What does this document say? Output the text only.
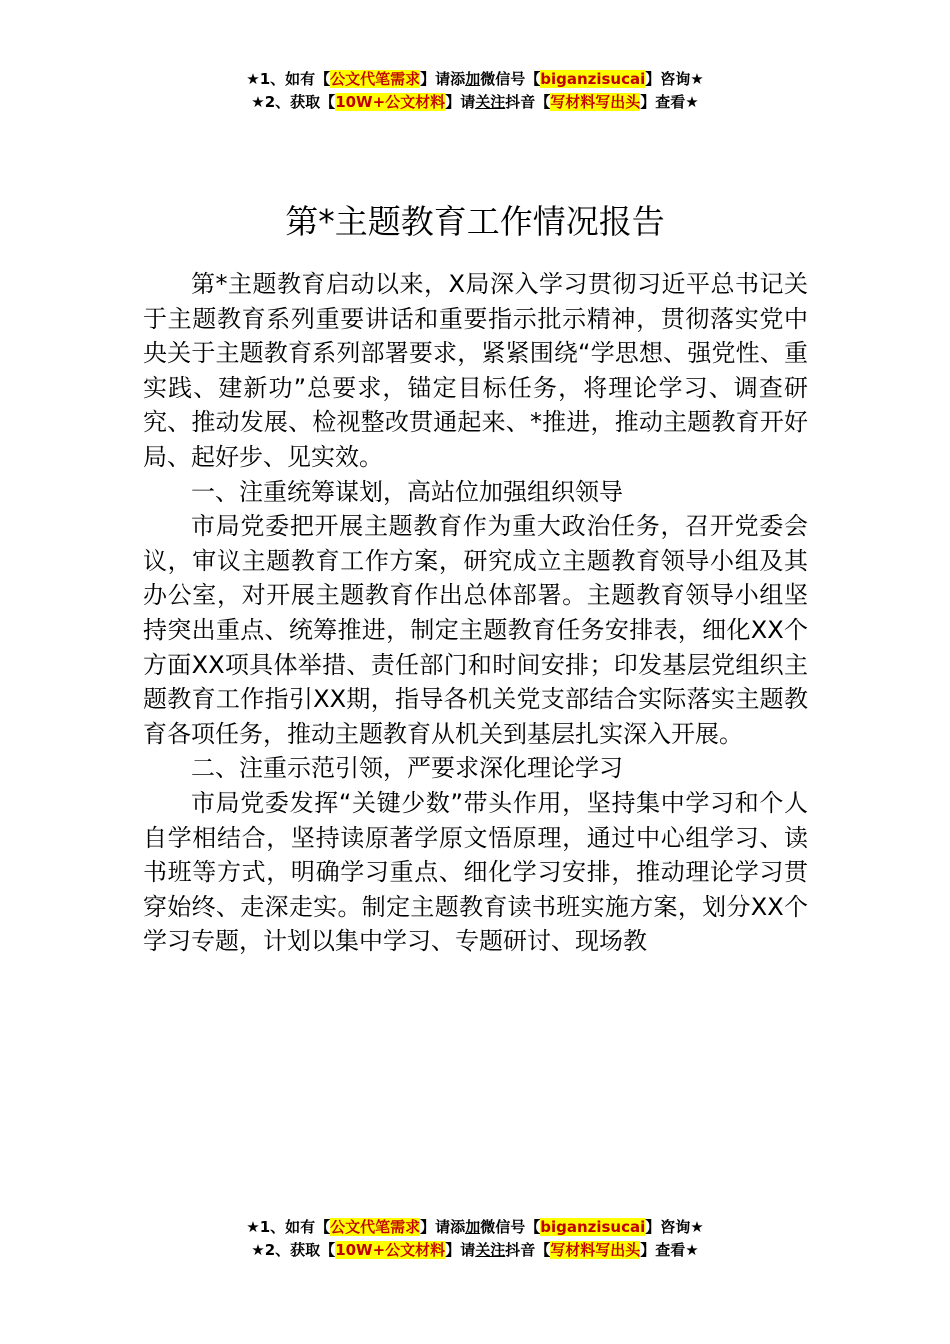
★1、如有【公文代笔需求】请添加微信号【biganzisucai】咨询★
★2、获取【10W+公文材料】请关注抖音【写材料写出头】查看★
第*主题教育工作情况报告

第*主题教育启动以来，X局深入学习贯彻习近平总书记关于主题教育系列重要讲话和重要指示批示精神，贯彻落实党中央关于主题教育系列部署要求，紧紧围绕“学思想、强党性、重实践、建新功”总要求，锚定目标任务，将理论学习、调查研究、推动发展、检视整改贯通起来、*推进，推动主题教育开好局、起好步、见实效。

一、注重统筹谋划，高站位加强组织领导

市局党委把开展主题教育作为重大政治任务，召开党委会议，审议主题教育工作方案，研究成立主题教育领导小组及其办公室，对开展主题教育作出总体部署。主题教育领导小组坚持突出重点、统筹推进，制定主题教育任务安排表，细化XX个方面XX项具体举措、责任部门和时间安排；印发基层党组织主题教育工作指引XX期，指导各机关党支部结合实际落实主题教育各项任务，推动主题教育从机关到基层扎实深入开展。

二、注重示范引领，严要求深化理论学习

市局党委发挥“关键少数”带头作用，坚持集中学习和个人自学相结合，坚持读原著学原文悟原理，通过中心组学习、读书班等方式，明确学习重点、细化学习安排，推动理论学习贯穿始终、走深走实。制定主题教育读书班实施方案，划分XX个学习专题，计划以集中学习、专题研讨、现场教

★1、如有【公文代笔需求】请添加微信号【biganzisucai】咨询★
★2、获取【10W+公文材料】请关注抖音【写材料写出头】查看★
